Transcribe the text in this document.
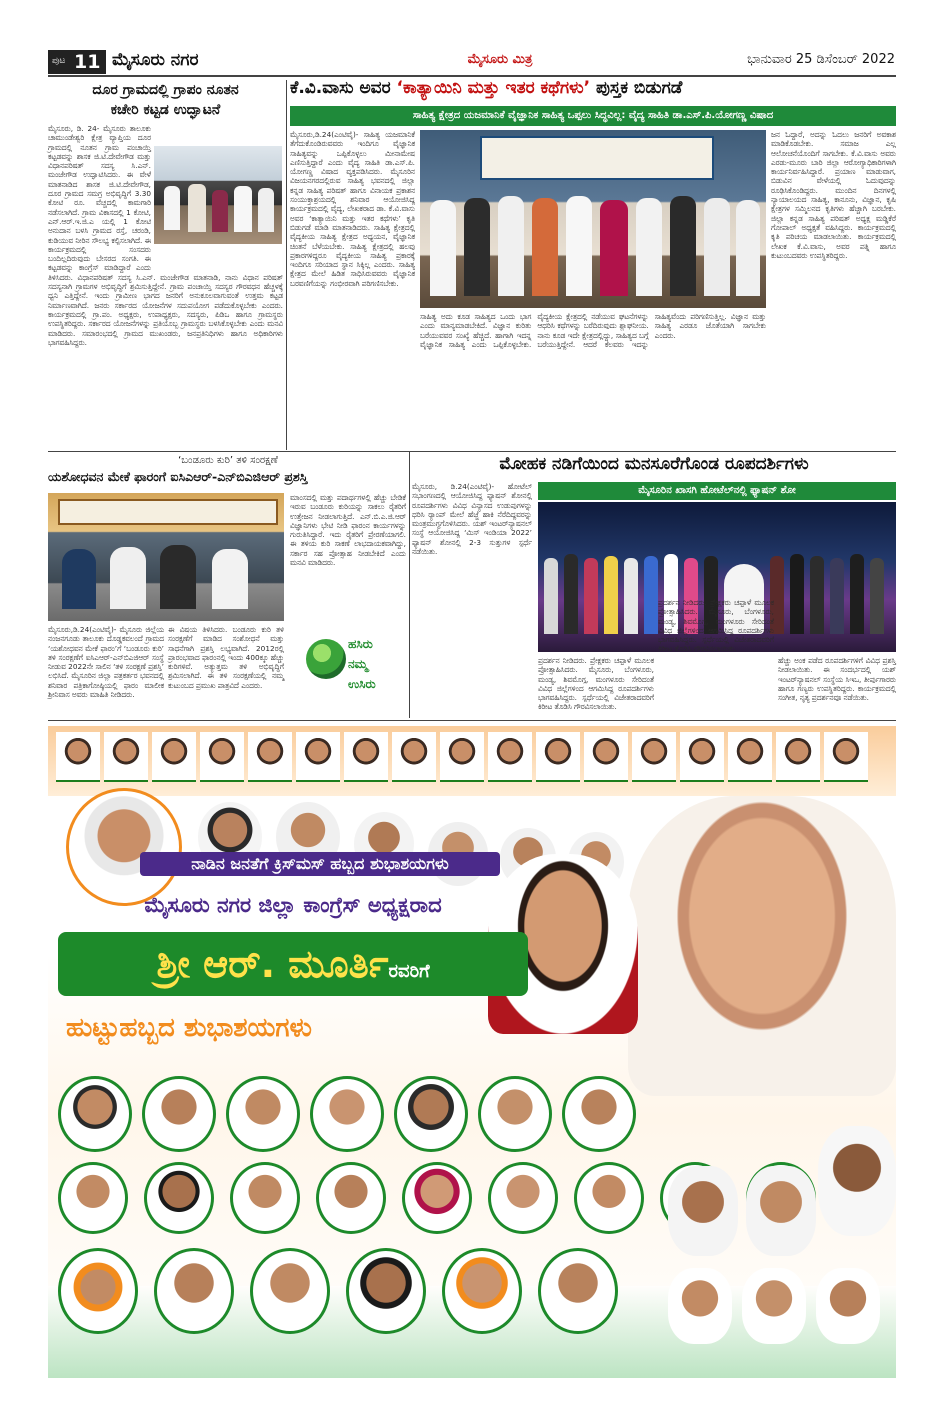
ಪುಟ 11 ಮೈಸೂರು ನಗರ	ಮೈಸೂರು ಮಿತ್ರ	ಭಾನುವಾರ 25 ಡಿಸೆಂಬರ್ 2022
ದೂರ ಗ್ರಾಮದಲ್ಲಿ ಗ್ರಾಪಂ ನೂತನ
ಕಚೇರಿ ಕಟ್ಟಡ ಉದ್ಘಾಟನೆ

ಮೈಸೂರು, ಡಿ. 24- ಮೈಸೂರು ತಾಲೂಕು ಚಾಮುಂಡೇಶ್ವರಿ ಕ್ಷೇತ್ರ ವ್ಯಾಪ್ತಿಯ ದೂರ ಗ್ರಾಮದಲ್ಲಿ ನೂತನ ಗ್ರಾಮ ಪಂಚಾಯ್ತಿ ಕಟ್ಟಡವನ್ನು ಶಾಸಕ ಜಿ.ಟಿ.ದೇವೇಗೌಡ ಮತ್ತು ವಿಧಾನಪರಿಷತ್ ಸದಸ್ಯ ಸಿ.ಎನ್. ಮಂಜೇಗೌಡ ಉದ್ಘಾಟಿಸಿದರು. ಈ ವೇಳೆ ಮಾತನಾಡಿದ ಶಾಸಕ ಜಿ.ಟಿ.ದೇವೇಗೌಡ, ದೂರ ಗ್ರಾಮದ ಸಮಗ್ರ ಅಭಿವೃದ್ಧಿಗೆ 3.30 ಕೋಟಿ ರೂ. ವೆಚ್ಚದಲ್ಲಿ ಕಾಮಗಾರಿ ನಡೆಸಲಾಗಿದೆ. ಗ್ರಾಮ ವಿಕಾಸದಲ್ಲಿ 1 ಕೋಟಿ, ಎನ್.ಆರ್.ಇ.ಜಿ.ಎ ಯಲ್ಲಿ 1 ಕೋಟಿ ಅನುದಾನ ಬಳಸಿ ಗ್ರಾಮದ ರಸ್ತೆ, ಚರಂಡಿ, ಕುಡಿಯುವ ನೀರಿನ ಸೌಲಭ್ಯ ಕಲ್ಪಿಸಲಾಗಿದೆ. ಈ ಕಾರ್ಯಕ್ರಮದಲ್ಲಿ ಸಂಸದರು ಬಂದಿಲ್ಲದಿರುವುದು ಬೇಸರದ ಸಂಗತಿ. ಈ ಕಟ್ಟಡವನ್ನು ಕಾಂಗ್ರೆಸ್ ಮಾಡಿದ್ದಾರೆ ಎಂದು ತಿಳಿಸಿದರು. ವಿಧಾನಪರಿಷತ್ ಸದಸ್ಯ ಸಿ.ಎನ್. ಮಂಜೇಗೌಡ ಮಾತನಾಡಿ, ನಾನು ವಿಧಾನ ಪರಿಷತ್ ಸದಸ್ಯನಾಗಿ ಗ್ರಾಮಗಳ ಅಭಿವೃದ್ಧಿಗೆ ಶ್ರಮಿಸುತ್ತಿದ್ದೇನೆ. ಗ್ರಾಮ ಪಂಚಾಯ್ತಿ ಸದಸ್ಯರ ಗೌರವಧನ ಹೆಚ್ಚಳಕ್ಕೆ ಧ್ವನಿ ಎತ್ತಿದ್ದೇನೆ. ಇಂದು ಗ್ರಾಮೀಣ ಭಾಗದ ಜನರಿಗೆ ಅನುಕೂಲವಾಗುವಂತೆ ಉತ್ತಮ ಕಟ್ಟಡ ನಿರ್ಮಾಣವಾಗಿದೆ. ಜನರು ಸರ್ಕಾರದ ಯೋಜನೆಗಳ ಸದುಪಯೋಗ ಪಡೆದುಕೊಳ್ಳಬೇಕು ಎಂದರು. ಕಾರ್ಯಕ್ರಮದಲ್ಲಿ ಗ್ರಾ.ಪಂ. ಅಧ್ಯಕ್ಷರು, ಉಪಾಧ್ಯಕ್ಷರು, ಸದಸ್ಯರು, ಪಿಡಿಒ ಹಾಗೂ ಗ್ರಾಮಸ್ಥರು ಉಪಸ್ಥಿತರಿದ್ದರು. ಸರ್ಕಾರದ ಯೋಜನೆಗಳನ್ನು ಪ್ರತಿಯೊಬ್ಬ ಗ್ರಾಮಸ್ಥರು ಬಳಸಿಕೊಳ್ಳಬೇಕು ಎಂದು ಮನವಿ ಮಾಡಿದರು. ಸಮಾರಂಭದಲ್ಲಿ ಗ್ರಾಮದ ಮುಖಂಡರು, ಜನಪ್ರತಿನಿಧಿಗಳು ಹಾಗೂ ಅಧಿಕಾರಿಗಳು ಭಾಗವಹಿಸಿದ್ದರು.

ಕೆ.ವಿ.ವಾಸು ಅವರ ‘ಕಾತ್ಯಾಯಿನಿ ಮತ್ತು ಇತರ ಕಥೆಗಳು’ ಪುಸ್ತಕ ಬಿಡುಗಡೆ
ಸಾಹಿತ್ಯ ಕ್ಷೇತ್ರದ ಯಜಮಾನಿಕೆ ವೈಜ್ಞಾನಿಕ ಸಾಹಿತ್ಯ ಒಪ್ಪಲು ಸಿದ್ಧವಿಲ್ಲ: ವೈದ್ಯ ಸಾಹಿತಿ ಡಾ.ಎಸ್.ಪಿ.ಯೋಗಣ್ಣ ವಿಷಾದ

ಮೈಸೂರು,ಡಿ.24(ಎಂಟಿವೈ)- ಸಾಹಿತ್ಯ ಯಜಮಾನಿಕೆ ತೆಗೆದುಕೊಂಡಿರುವವರು ಇಂದಿಗೂ ವೈಜ್ಞಾನಿಕ ಸಾಹಿತ್ಯವನ್ನು ಒಪ್ಪಿಕೊಳ್ಳಲು ಮೀನಾಮೇಷ ಎಣಿಸುತ್ತಿದ್ದಾರೆ ಎಂದು ವೈದ್ಯ ಸಾಹಿತಿ ಡಾ.ಎಸ್.ಪಿ. ಯೋಗಣ್ಣ ವಿಷಾದ ವ್ಯಕ್ತಪಡಿಸಿದರು. ಮೈಸೂರಿನ ವಿಜಯನಗರದಲ್ಲಿರುವ ಸಾಹಿತ್ಯ ಭವನದಲ್ಲಿ ಜಿಲ್ಲಾ ಕನ್ನಡ ಸಾಹಿತ್ಯ ಪರಿಷತ್ ಹಾಗೂ ವಿನಾಯಕ ಪ್ರಕಾಶನ ಸಂಯುಕ್ತಾಶ್ರಯದಲ್ಲಿ ಶನಿವಾರ ಆಯೋಜಿಸಿದ್ದ ಕಾರ್ಯಕ್ರಮದಲ್ಲಿ ವೈದ್ಯ, ಲೇಖಕರಾದ ಡಾ. ಕೆ.ವಿ.ವಾಸು ಅವರ ‘ಕಾತ್ಯಾಯಿನಿ ಮತ್ತು ಇತರ ಕಥೆಗಳು’ ಕೃತಿ ಬಿಡುಗಡೆ ಮಾಡಿ ಮಾತನಾಡಿದರು. ಸಾಹಿತ್ಯ ಕ್ಷೇತ್ರದಲ್ಲಿ ವೈದ್ಯಕೀಯ ಸಾಹಿತ್ಯ ಕ್ಷೇತ್ರದ ಅಧ್ಯಯನ, ವೈಜ್ಞಾನಿಕ ಚಿಂತನೆ ಬೆಳೆಯಬೇಕು. ಸಾಹಿತ್ಯ ಕ್ಷೇತ್ರದಲ್ಲಿ ಹಲವು ಪ್ರಕಾರಗಳಿದ್ದರೂ ವೈದ್ಯಕೀಯ ಸಾಹಿತ್ಯ ಪ್ರಕಾರಕ್ಕೆ ಇಂದಿಗೂ ಸರಿಯಾದ ಸ್ಥಾನ ಸಿಕ್ಕಿಲ್ಲ ಎಂದರು. ಸಾಹಿತ್ಯ ಕ್ಷೇತ್ರದ ಮೇಲೆ ಹಿಡಿತ ಸಾಧಿಸಿರುವವರು ವೈಜ್ಞಾನಿಕ ಬರವಣಿಗೆಯನ್ನು ಗಂಭೀರವಾಗಿ ಪರಿಗಣಿಸಬೇಕು.

ಸಾಹಿತ್ಯ ಅದು ಕೂಡ ಸಾಹಿತ್ಯದ ಒಂದು ಭಾಗ ಎಂದು ಮಾನ್ಯಮಾಡಬೇಕಿದೆ. ವಿಜ್ಞಾನ ಕುರಿತು ಬರೆಯುವವರ ಸಂಖ್ಯೆ ಹೆಚ್ಚಿದೆ. ಹಾಗಾಗಿ ಇದನ್ನ ವೈಜ್ಞಾನಿಕ ಸಾಹಿತ್ಯ ಎಂದು ಒಪ್ಪಿಕೊಳ್ಳಬೇಕು. ವೈದ್ಯಕೀಯ ಕ್ಷೇತ್ರದಲ್ಲಿ ನಡೆಯುವ ಘಟನೆಗಳನ್ನು ಆಧರಿಸಿ ಕಥೆಗಳನ್ನು ಬರೆದಿರುವುದು ಶ್ಲಾಘನೀಯ. ನಾನು ಕೂಡ ಇದೇ ಕ್ಷೇತ್ರದಲ್ಲಿದ್ದು, ಸಾಹಿತ್ಯದ ಬಗ್ಗೆ ಬರೆಯುತ್ತಿದ್ದೇನೆ. ಆದರೆ ಕೆಲವರು ಇದನ್ನು ಸಾಹಿತ್ಯವೆಂದು ಪರಿಗಣಿಸುತ್ತಿಲ್ಲ. ವಿಜ್ಞಾನ ಮತ್ತು ಸಾಹಿತ್ಯ ಎರಡೂ ಜೊತೆಯಾಗಿ ಸಾಗಬೇಕು ಎಂದರು.

ಜನ ಓದ್ದಾರೆ, ಅದನ್ನು ಓದಲು ಜನರಿಗೆ ಅವಕಾಶ ಮಾಡಿಕೊಡಬೇಕು. ಸಮಾಜ ಎಲ್ಲ ಆಲೋಚನೆಯೊಂದಿಗೆ ಸಾಗಬೇಕು. ಕೆ.ವಿ.ವಾಸು ಅವರು ಎರಡು-ಮೂರು ಬಾರಿ ಜಿಲ್ಲಾ ಆರೋಗ್ಯಾಧಿಕಾರಿಗಳಾಗಿ ಕಾರ್ಯನಿರ್ವಹಿಸಿದ್ದಾರೆ. ಪ್ರಯಾಣ ಮಾಡುವಾಗ, ಬಿಡುವಿನ ವೇಳೆಯಲ್ಲಿ ಓದುವುದನ್ನು ರೂಢಿಸಿಕೊಂಡಿದ್ದರು. ಮುಂದಿನ ದಿನಗಳಲ್ಲಿ ನ್ಯಾಯಾಲಯದ ಸಾಹಿತ್ಯ, ಕಾನೂನು, ವಿಜ್ಞಾನ, ಕೃಷಿ ಕ್ಷೇತ್ರಗಳ ಸಮ್ಮಿಲನದ ಕೃತಿಗಳು ಹೆಚ್ಚಾಗಿ ಬರಬೇಕು. ಜಿಲ್ಲಾ ಕನ್ನಡ ಸಾಹಿತ್ಯ ಪರಿಷತ್ ಅಧ್ಯಕ್ಷ ಮಡ್ಡಿಕೆರೆ ಗೋಪಾಲ್ ಅಧ್ಯಕ್ಷತೆ ವಹಿಸಿದ್ದರು. ಕಾರ್ಯಕ್ರಮದಲ್ಲಿ ಕೃತಿ ಪರಿಚಯ ಮಾಡಲಾಯಿತು. ಕಾರ್ಯಕ್ರಮದಲ್ಲಿ ಲೇಖಕ ಕೆ.ವಿ.ವಾಸು, ಅವರ ಪತ್ನಿ ಹಾಗೂ ಕುಟುಂಬದವರು ಉಪಸ್ಥಿತರಿದ್ದರು.

‘ಬಂಡೂರು ಕುರಿ’ ತಳಿ ಸಂರಕ್ಷಣೆ
ಯಶೋಧವನ ಮೇಕೆ ಫಾರಂಗೆ ಐಸಿಎಆರ್-ಎನ್‌ಬಿಎಜಿಆರ್ ಪ್ರಶಸ್ತಿ

ಮಾಂಸದಲ್ಲಿ ಮತ್ತು ಪದಾರ್ಥಗಳಲ್ಲಿ ಹೆಚ್ಚು ಬೇಡಿಕೆ ಇರುವ ಬಂಡೂರು ಕುರಿಯನ್ನು ಸಾಕಲು ರೈತರಿಗೆ ಉತ್ತೇಜನ ನೀಡಲಾಗುತ್ತಿದೆ. ಎನ್.ಬಿ.ಎ.ಜಿ.ಆರ್ ವಿಜ್ಞಾನಿಗಳು ಭೇಟಿ ನೀಡಿ ಫಾರಂನ ಕಾರ್ಯಗಳನ್ನು ಗುರುತಿಸಿದ್ದಾರೆ. ಇದು ರೈತರಿಗೆ ಪ್ರೇರಣೆಯಾಗಲಿ. ಈ ತಳಿಯ ಕುರಿ ಸಾಕಣೆ ಲಾಭದಾಯಕವಾಗಿದ್ದು, ಸರ್ಕಾರ ಸಹ ಪ್ರೋತ್ಸಾಹ ನೀಡಬೇಕಿದೆ ಎಂದು ಮನವಿ ಮಾಡಿದರು.

ಮೈಸೂರು,ಡಿ.24(ಎಂಟಿವೈ)- ಮೈಸೂರು ಜಿಲ್ಲೆಯ ನಂಜನಗೂಡು ತಾಲೂಕು ದೊಡ್ಡಕವಲಂದೆ ಗ್ರಾಮದ ‘ಯಶೋಧವನ ಮೇಕೆ ಫಾರಂ’ಗೆ ‘ಬಂಡೂರು ಕುರಿ’ ತಳಿ ಸಂರಕ್ಷಣೆಗೆ ಐಸಿಎಆರ್-ಎನ್‌ಬಿಎಜಿಆರ್ ಸಂಸ್ಥೆ ನೀಡುವ 2022ನೇ ಸಾಲಿನ ‘ತಳಿ ಸಂರಕ್ಷಣೆ ಪ್ರಶಸ್ತಿ’ ಲಭಿಸಿದೆ. ಮೈಸೂರಿನ ಜಿಲ್ಲಾ ಪತ್ರಕರ್ತರ ಭವನದಲ್ಲಿ ಶನಿವಾರ ಪತ್ರಿಕಾಗೋಷ್ಠಿಯಲ್ಲಿ ಫಾರಂ ಮಾಲೀಕ ಶ್ರೀನಿವಾಸ ಅವರು ಮಾಹಿತಿ ನೀಡಿದರು.

ಈ ವಿಷಯ ತಿಳಿಸಿದರು. ಬಂಡೂರು ಕುರಿ ತಳಿ ಸಂರಕ್ಷಣೆಗೆ ಮಾಡಿದ ಸಂಶೋಧನೆ ಮತ್ತು ಸಾಧನೆಗಾಗಿ ಪ್ರಶಸ್ತಿ ಲಭ್ಯವಾಗಿದೆ. 2012ರಲ್ಲಿ ಪ್ರಾರಂಭವಾದ ಫಾರಂನಲ್ಲಿ ಇಂದು 400ಕ್ಕೂ ಹೆಚ್ಚು ಕುರಿಗಳಿವೆ. ಅತ್ಯುತ್ತಮ ತಳಿ ಅಭಿವೃದ್ಧಿಗೆ ಶ್ರಮಿಸಲಾಗಿದೆ. ಈ ತಳಿ ಸಂರಕ್ಷಣೆಯಲ್ಲಿ ನಮ್ಮ ಕುಟುಂಬದ ಪ್ರಮುಖ ಪಾತ್ರವಿದೆ ಎಂದರು.

ಹಸಿರು
ನಮ್ಮ
ಉಸಿರು
ಮೋಹಕ ನಡಿಗೆಯಿಂದ ಮನಸೂರೆಗೊಂಡ ರೂಪದರ್ಶಿಗಳು

ಮೈಸೂರು, ಡಿ.24(ಎಂಟಿವೈ)- ಹೋಟೆಲ್ ಸಭಾಂಗಣದಲ್ಲಿ ಆಯೋಜಿಸಿದ್ದ ಫ್ಯಾಷನ್ ಶೋನಲ್ಲಿ ರೂಪದರ್ಶಿಗಳು ವಿವಿಧ ವಿನ್ಯಾಸದ ಉಡುಪುಗಳನ್ನು ಧರಿಸಿ ರ‍್ಯಾಂಪ್ ಮೇಲೆ ಹೆಜ್ಜೆ ಹಾಕಿ ನೆರೆದಿದ್ದವರನ್ನು ಮಂತ್ರಮುಗ್ಧಗೊಳಿಸಿದರು. ಯಶ್ ಇಂಟರ್‌ನ್ಯಾಷನಲ್ ಸಂಸ್ಥೆ ಆಯೋಜಿಸಿದ್ದ ‘ಮಿಸ್ ಇಂಡಿಯಾ 2022’ ಫ್ಯಾಷನ್ ಶೋನಲ್ಲಿ 2-3 ಸುತ್ತುಗಳ ಸ್ಪರ್ಧೆ ನಡೆಯಿತು.

ಮೈಸೂರಿನ ಖಾಸಗಿ ಹೋಟೆಲ್‌ನಲ್ಲಿ ಫ್ಯಾಷನ್ ಶೋ

ಪ್ರದರ್ಶನ ನೀಡಿದರು. ಪ್ರೇಕ್ಷಕರು ಚಪ್ಪಾಳೆ ಮೂಲಕ ಪ್ರೋತ್ಸಾಹಿಸಿದರು. ಮೈಸೂರು, ಬೆಂಗಳೂರು, ಮಂಡ್ಯ, ಶಿವಮೊಗ್ಗ, ಮಂಗಳೂರು ಸೇರಿದಂತೆ ವಿವಿಧ ಜಿಲ್ಲೆಗಳಿಂದ ಆಗಮಿಸಿದ್ದ ರೂಪದರ್ಶಿಗಳು ಭಾಗವಹಿಸಿದ್ದರು. ಸ್ಪರ್ಧೆಯಲ್ಲಿ ವಿಜೇತರಾದವರಿಗೆ ಕಿರೀಟ ತೊಡಿಸಿ ಗೌರವಿಸಲಾಯಿತು.

ಪ್ರದರ್ಶನ ನೀಡಿದರು. ಪ್ರೇಕ್ಷಕರು ಚಪ್ಪಾಳೆ ಮೂಲಕ ಪ್ರೋತ್ಸಾಹಿಸಿದರು. ಮೈಸೂರು, ಬೆಂಗಳೂರು, ಮಂಡ್ಯ, ಶಿವಮೊಗ್ಗ, ಮಂಗಳೂರು ಸೇರಿದಂತೆ ವಿವಿಧ ಜಿಲ್ಲೆಗಳಿಂದ ಆಗಮಿಸಿದ್ದ ರೂಪದರ್ಶಿಗಳು ಭಾಗವಹಿಸಿದ್ದರು. ಸ್ಪರ್ಧೆಯಲ್ಲಿ ವಿಜೇತರಾದವರಿಗೆ ಕಿರೀಟ ತೊಡಿಸಿ ಗೌರವಿಸಲಾಯಿತು.

ಹೆಚ್ಚು ಅಂಕ ಪಡೆದ ರೂಪದರ್ಶಿಗಳಿಗೆ ವಿವಿಧ ಪ್ರಶಸ್ತಿ ನೀಡಲಾಯಿತು. ಈ ಸಂದರ್ಭದಲ್ಲಿ ಯಶ್ ಇಂಟರ್‌ನ್ಯಾಷನಲ್ ಸಂಸ್ಥೆಯ ಸಿಇಒ, ತೀರ್ಪುಗಾರರು ಹಾಗೂ ಗಣ್ಯರು ಉಪಸ್ಥಿತರಿದ್ದರು. ಕಾರ್ಯಕ್ರಮದಲ್ಲಿ ಸಂಗೀತ, ನೃತ್ಯ ಪ್ರದರ್ಶನವೂ ನಡೆಯಿತು.

ನಾಡಿನ ಜನತೆಗೆ ಕ್ರಿಸ್‌ಮಸ್ ಹಬ್ಬದ ಶುಭಾಶಯಗಳು
ಮೈಸೂರು ನಗರ ಜಿಲ್ಲಾ ಕಾಂಗ್ರೆಸ್ ಅಧ್ಯಕ್ಷರಾದ
ಶ್ರೀ ಆರ್. ಮೂರ್ತಿರವರಿಗೆ
ಹುಟ್ಟುಹಬ್ಬದ ಶುಭಾಶಯಗಳು
